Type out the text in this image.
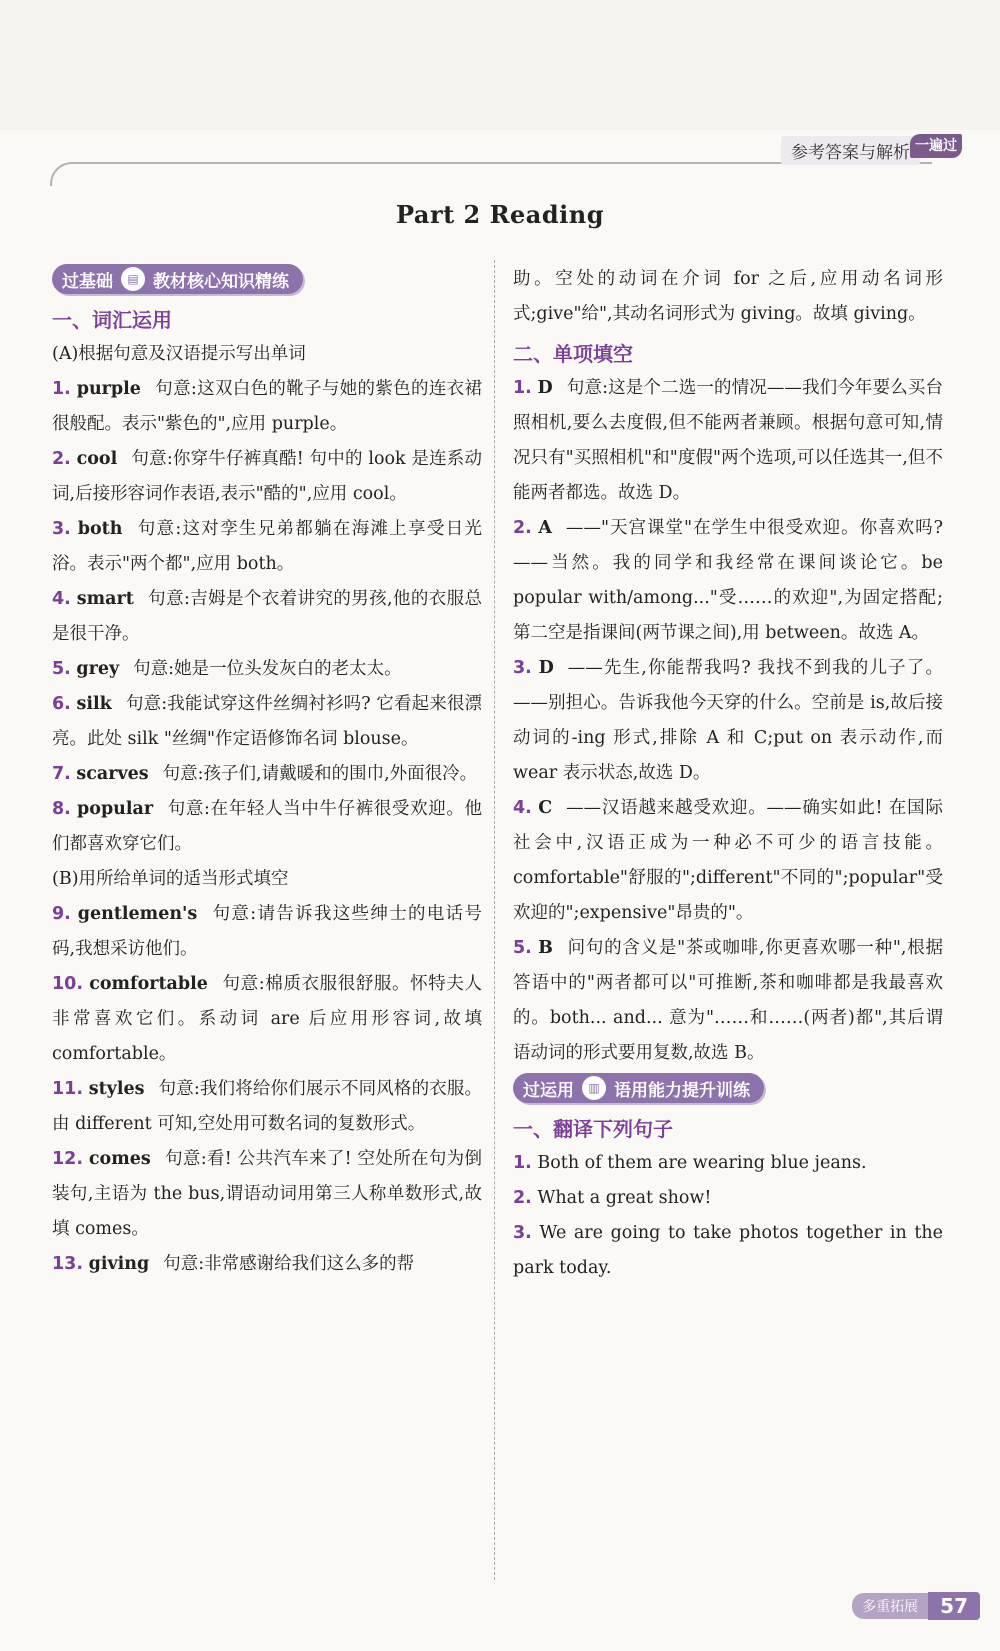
参考答案与解析 一遍过
Part 2 Reading
过基础	▤ 教材核心知识精练
一、词汇运用

(A)根据句意及汉语提示写出单词

1. purple 句意:这双白色的靴子与她的紫色的连衣裙很般配。表示"紫色的",应用 purple。

2. cool 句意:你穿牛仔裤真酷! 句中的 look 是连系动词,后接形容词作表语,表示"酷的",应用 cool。

3. both 句意:这对孪生兄弟都躺在海滩上享受日光浴。表示"两个都",应用 both。

4. smart 句意:吉姆是个衣着讲究的男孩,他的衣服总是很干净。

5. grey 句意:她是一位头发灰白的老太太。

6. silk 句意:我能试穿这件丝绸衬衫吗? 它看起来很漂亮。此处 silk "丝绸"作定语修饰名词 blouse。

7. scarves 句意:孩子们,请戴暖和的围巾,外面很冷。

8. popular 句意:在年轻人当中牛仔裤很受欢迎。他们都喜欢穿它们。

(B)用所给单词的适当形式填空

9. gentlemen's 句意:请告诉我这些绅士的电话号码,我想采访他们。

10. comfortable 句意:棉质衣服很舒服。怀特夫人非常喜欢它们。系动词 are 后应用形容词,故填 comfortable。

11. styles 句意:我们将给你们展示不同风格的衣服。由 different 可知,空处用可数名词的复数形式。

12. comes 句意:看! 公共汽车来了! 空处所在句为倒装句,主语为 the bus,谓语动词用第三人称单数形式,故填 comes。

13. giving 句意:非常感谢给我们这么多的帮

助。空处的动词在介词 for 之后,应用动名词形式;give"给",其动名词形式为 giving。故填 giving。

二、单项填空

1. D 句意:这是个二选一的情况——我们今年要么买台照相机,要么去度假,但不能两者兼顾。根据句意可知,情况只有"买照相机"和"度假"两个选项,可以任选其一,但不能两者都选。故选 D。

2. A ——"天宫课堂"在学生中很受欢迎。你喜欢吗? ——当然。我的同学和我经常在课间谈论它。be popular with/among..."受……的欢迎",为固定搭配;第二空是指课间(两节课之间),用 between。故选 A。

3. D ——先生,你能帮我吗? 我找不到我的儿子了。——别担心。告诉我他今天穿的什么。空前是 is,故后接动词的-ing 形式,排除 A 和 C;put on 表示动作,而 wear 表示状态,故选 D。

4. C ——汉语越来越受欢迎。——确实如此! 在国际社会中,汉语正成为一种必不可少的语言技能。comfortable"舒服的";different"不同的";popular"受欢迎的";expensive"昂贵的"。

5. B 问句的含义是"茶或咖啡,你更喜欢哪一种",根据答语中的"两者都可以"可推断,茶和咖啡都是我最喜欢的。both... and... 意为"……和……(两者)都",其后谓语动词的形式要用复数,故选 B。

过运用	▥ 语用能力提升训练
一、翻译下列句子

1. Both of them are wearing blue jeans.

2. What a great show!

3. We are going to take photos together in the park today.

多重拓展	57
